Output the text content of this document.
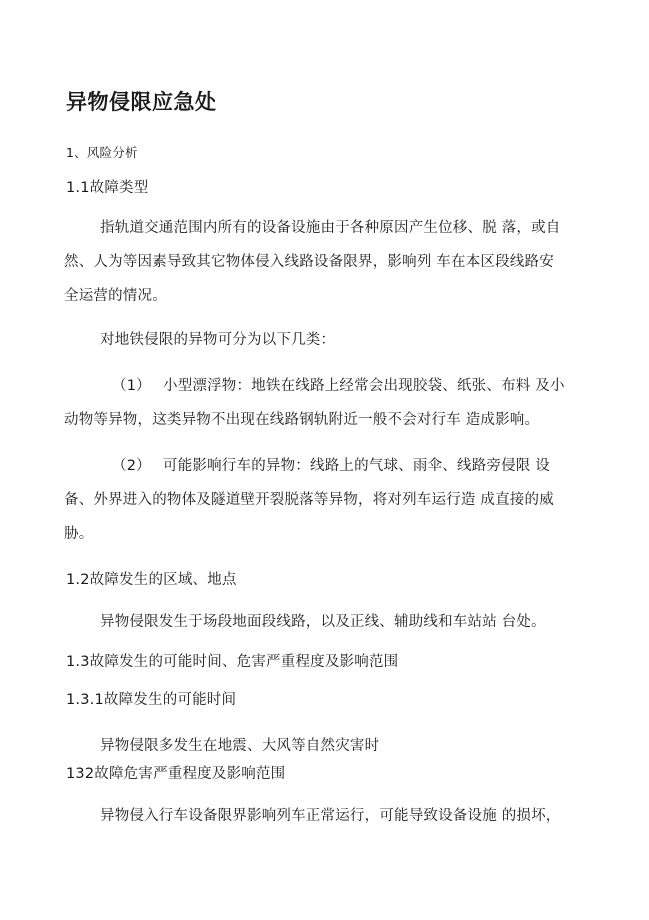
异物侵限应急处

1、风险分析

1.1故障类型

指轨道交通范围内所有的设备设施由于各种原因产生位移、脱 落，或自

然、人为等因素导致其它物体侵入线路设备限界，影响列 车在本区段线路安

全运营的情况。

对地铁侵限的异物可分为以下几类：

（1） 小型漂浮物：地铁在线路上经常会出现胶袋、纸张、布料 及小

动物等异物，这类异物不出现在线路钢轨附近一般不会对行车 造成影响。

（2） 可能影响行车的异物：线路上的气球、雨伞、线路旁侵限 设

备、外界进入的物体及隧道壁开裂脱落等异物，将对列车运行造 成直接的威

胁。

1.2故障发生的区域、地点

异物侵限发生于场段地面段线路，以及正线、辅助线和车站站 台处。

1.3故障发生的可能时间、危害严重程度及影响范围

1.3.1故障发生的可能时间

异物侵限多发生在地震、大风等自然灾害时

132故障危害严重程度及影响范围

异物侵入行车设备限界影响列车正常运行，可能导致设备设施 的损坏，
